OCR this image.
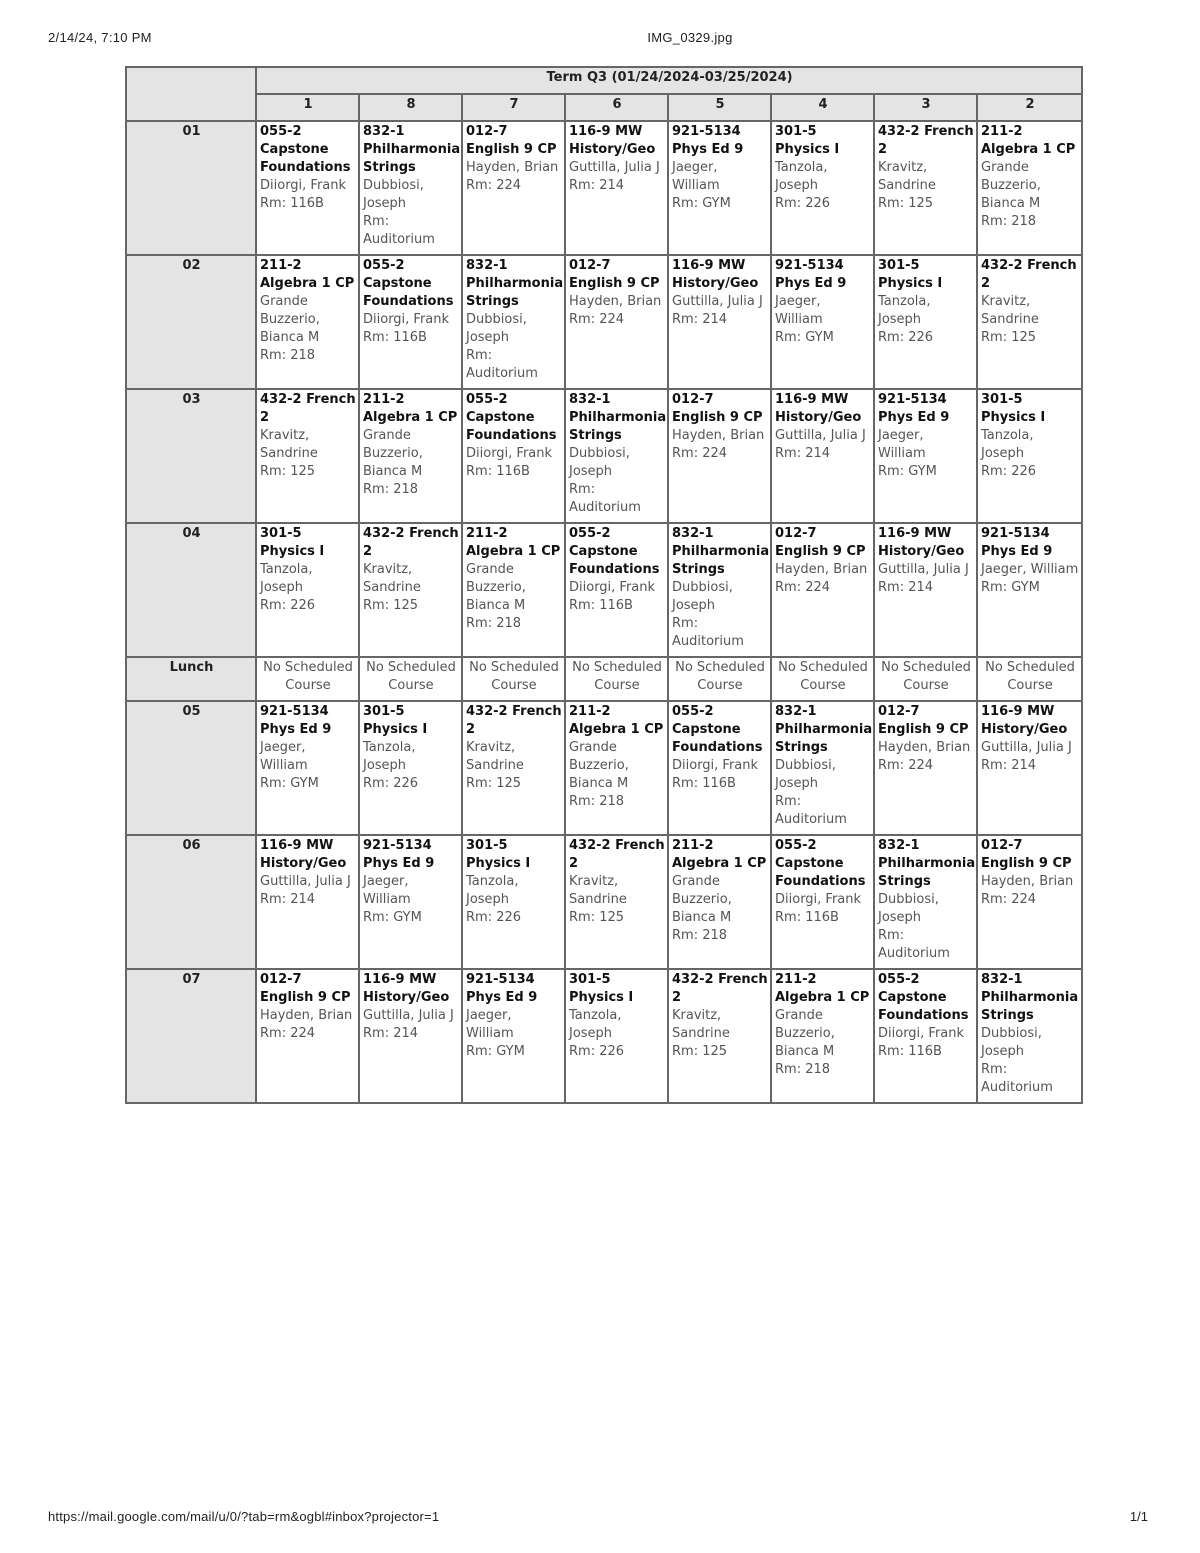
2/14/24, 7:10 PM	IMG_0329.jpg
	Term Q3 (01/24/2024-03/25/2024)							
	1	8	7	6	5	4	3	2
01	055-2 Capstone Foundations
Diiorgi, Frank
Rm: 116B	832-1 Philharmonia Strings
Dubbiosi, Joseph
Rm: Auditorium	012-7 English 9 CP
Hayden, Brian
Rm: 224	116-9 MW History/Geo
Guttilla, Julia J
Rm: 214	921-5134 Phys Ed 9
Jaeger, William
Rm: GYM	301-5 Physics I
Tanzola, Joseph
Rm: 226	432-2 French 2
Kravitz, Sandrine
Rm: 125	211-2 Algebra 1 CP
Grande Buzzerio, Bianca M
Rm: 218

02	211-2 Algebra 1 CP
Grande Buzzerio, Bianca M
Rm: 218	055-2 Capstone Foundations
Diiorgi, Frank
Rm: 116B	832-1 Philharmonia Strings
Dubbiosi, Joseph
Rm: Auditorium	012-7 English 9 CP
Hayden, Brian
Rm: 224	116-9 MW History/Geo
Guttilla, Julia J
Rm: 214	921-5134 Phys Ed 9
Jaeger, William
Rm: GYM	301-5 Physics I
Tanzola, Joseph
Rm: 226	432-2 French 2
Kravitz, Sandrine
Rm: 125

03	432-2 French 2
Kravitz, Sandrine
Rm: 125	211-2 Algebra 1 CP
Grande Buzzerio, Bianca M
Rm: 218	055-2 Capstone Foundations
Diiorgi, Frank
Rm: 116B	832-1 Philharmonia Strings
Dubbiosi, Joseph
Rm: Auditorium	012-7 English 9 CP
Hayden, Brian
Rm: 224	116-9 MW History/Geo
Guttilla, Julia J
Rm: 214	921-5134 Phys Ed 9
Jaeger, William
Rm: GYM	301-5 Physics I
Tanzola, Joseph
Rm: 226

04	301-5 Physics I
Tanzola, Joseph
Rm: 226	432-2 French 2
Kravitz, Sandrine
Rm: 125	211-2 Algebra 1 CP
Grande Buzzerio, Bianca M
Rm: 218	055-2 Capstone Foundations
Diiorgi, Frank
Rm: 116B	832-1 Philharmonia Strings
Dubbiosi, Joseph
Rm: Auditorium	012-7 English 9 CP
Hayden, Brian
Rm: 224	116-9 MW History/Geo
Guttilla, Julia J
Rm: 214	921-5134 Phys Ed 9
Jaeger, William
Rm: GYM

Lunch	No Scheduled Course	No Scheduled Course	No Scheduled Course	No Scheduled Course	No Scheduled Course	No Scheduled Course	No Scheduled Course	No Scheduled Course
05	921-5134 Phys Ed 9
Jaeger, William
Rm: GYM	301-5 Physics I
Tanzola, Joseph
Rm: 226	432-2 French 2
Kravitz, Sandrine
Rm: 125	211-2 Algebra 1 CP
Grande Buzzerio, Bianca M
Rm: 218	055-2 Capstone Foundations
Diiorgi, Frank
Rm: 116B	832-1 Philharmonia Strings
Dubbiosi, Joseph
Rm: Auditorium	012-7 English 9 CP
Hayden, Brian
Rm: 224	116-9 MW History/Geo
Guttilla, Julia J
Rm: 214

06	116-9 MW History/Geo
Guttilla, Julia J
Rm: 214	921-5134 Phys Ed 9
Jaeger, William
Rm: GYM	301-5 Physics I
Tanzola, Joseph
Rm: 226	432-2 French 2
Kravitz, Sandrine
Rm: 125	211-2 Algebra 1 CP
Grande Buzzerio, Bianca M
Rm: 218	055-2 Capstone Foundations
Diiorgi, Frank
Rm: 116B	832-1 Philharmonia Strings
Dubbiosi, Joseph
Rm: Auditorium	012-7 English 9 CP
Hayden, Brian
Rm: 224

07	012-7 English 9 CP
Hayden, Brian
Rm: 224	116-9 MW History/Geo
Guttilla, Julia J
Rm: 214	921-5134 Phys Ed 9
Jaeger, William
Rm: GYM	301-5 Physics I
Tanzola, Joseph
Rm: 226	432-2 French 2
Kravitz, Sandrine
Rm: 125	211-2 Algebra 1 CP
Grande Buzzerio, Bianca M
Rm: 218	055-2 Capstone Foundations
Diiorgi, Frank
Rm: 116B	832-1 Philharmonia Strings
Dubbiosi, Joseph
Rm: Auditorium
https://mail.google.com/mail/u/0/?tab=rm&ogbl#inbox?projector=1	1/1
